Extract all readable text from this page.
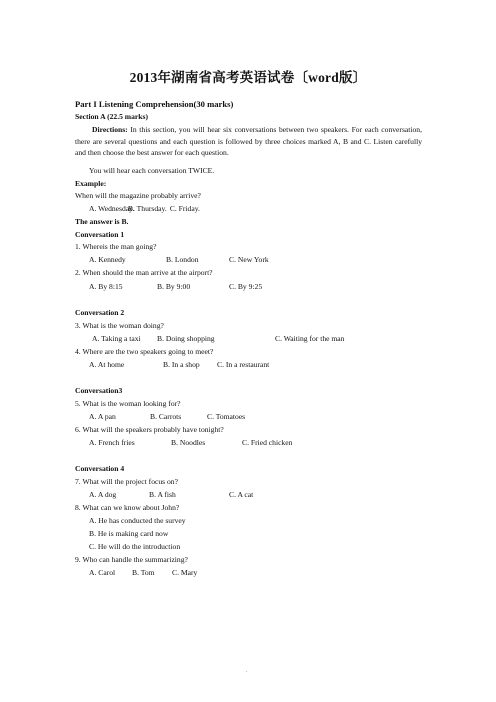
2013年湖南省高考英语试卷〔word版〕
Part I Listening Comprehension(30 marks)
Section A (22.5 marks)
Directions: In this section, you will hear six conversations between two speakers. For each conversation, there are several questions and each question is followed by three choices marked A, B and C. Listen carefully and then choose the best answer for each question.
You will hear each conversation TWICE.
Example:
When will the magazine probably arrive?
A. Wednesday. B. Thursday. C. Friday.
The answer is B.
Conversation 1
1. Whereis the man going?
A. Kennedy	B. London	C. New York
2. When should the man arrive at the airport?
A. By 8:15	B. By 9:00	C. By 9:25
Conversation 2
3. What is the woman doing?
A. Taking a taxi B. Doing shopping	C. Waiting for the man
4. Where are the two speakers going to meet?
A. At home	B. In a shop C. In a restaurant
Conversation3
5. What is the woman looking for?
A. A pan	B. Carrots	C. Tomatoes
6. What will the speakers probably have tonight?
A. French fries	B. Noodles	C. Fried chicken
Conversation 4
7. What will the project focus on?
A. A dog	B. A fish	C. A cat
8. What can we know about John?
A. He has conducted the survey
B. He is making card now
C. He will do the introduction
9. Who can handle the summarizing?
A. Carol B. Tom C. Mary
.
